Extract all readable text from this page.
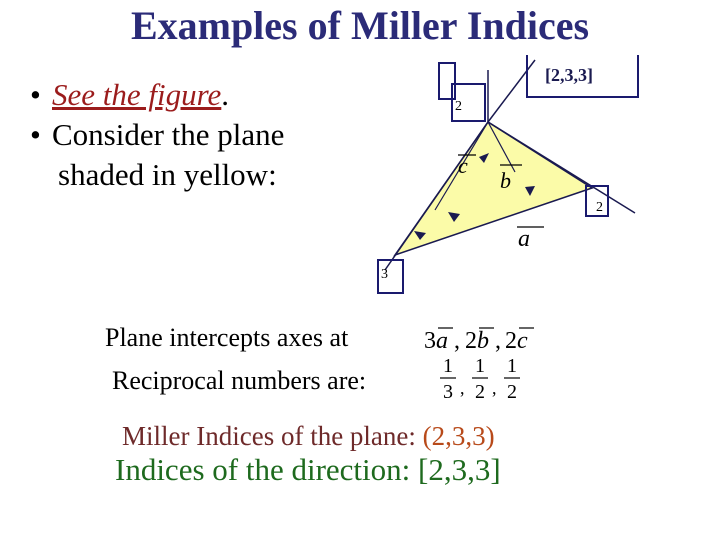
Examples of Miller Indices
• See the figure.
• Consider the plane
shaded in yellow:
[2,3,3]
2
2
3
c
b
a
Plane intercepts axes at	3a , 2b , 2c
Reciprocal numbers are:	1
3 ,
1
2 ,
1
2
Miller Indices of the plane: (2,3,3)
Indices of the direction: [2,3,3]
